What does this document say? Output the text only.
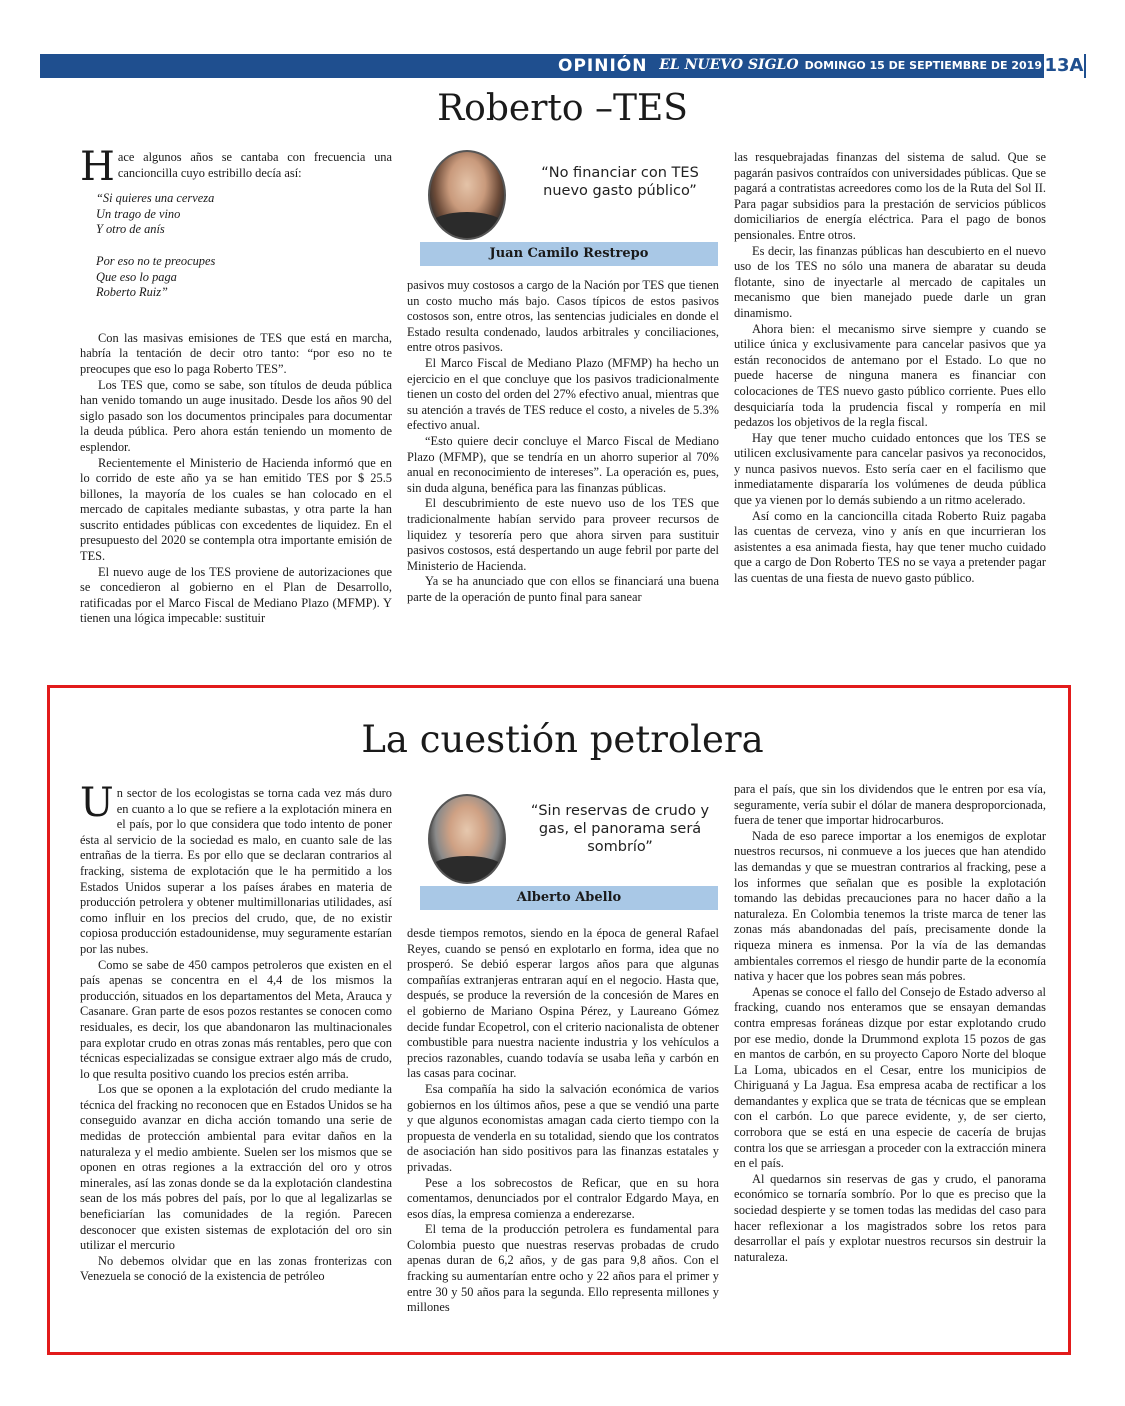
OPINIÓN EL NUEVO SIGLO DOMINGO 15 DE SEPTIEMBRE DE 2019 13A
Roberto –TES

Hace algunos años se cantaba con frecuencia una cancioncilla cuyo estribillo decía así:

“Si quieres una cerveza
Un trago de vino
Y otro de anís
Por eso no te preocupes
Que eso lo paga
Roberto Ruiz”

Con las masivas emisiones de TES que está en marcha, habría la tentación de decir otro tanto: “por eso no te preocupes que eso lo paga Roberto TES”.

Los TES que, como se sabe, son títulos de deuda pública han venido tomando un auge inusitado. Desde los años 90 del siglo pasado son los documentos principales para documentar la deuda pública. Pero ahora están teniendo un momento de esplendor.

Recientemente el Ministerio de Hacienda informó que en lo corrido de este año ya se han emitido TES por $ 25.5 billones, la mayoría de los cuales se han colocado en el mercado de capitales mediante subastas, y otra parte la han suscrito entidades públicas con excedentes de liquidez. En el presupuesto del 2020 se contempla otra importante emisión de TES.

El nuevo auge de los TES proviene de autorizaciones que se concedieron al gobierno en el Plan de Desarrollo, ratificadas por el Marco Fiscal de Mediano Plazo (MFMP). Y tienen una lógica impecable: sustituir

“No financiar con TES nuevo gasto público”
Juan Camilo Restrepo

pasivos muy costosos a cargo de la Nación por TES que tienen un costo mucho más bajo. Casos típicos de estos pasivos costosos son, entre otros, las sentencias judiciales en donde el Estado resulta condenado, laudos arbitrales y conciliaciones, entre otros pasivos.

El Marco Fiscal de Mediano Plazo (MFMP) ha hecho un ejercicio en el que concluye que los pasivos tradicionalmente tienen un costo del orden del 27% efectivo anual, mientras que su atención a través de TES reduce el costo, a niveles de 5.3% efectivo anual.

“Esto quiere decir concluye el Marco Fiscal de Mediano Plazo (MFMP), que se tendría en un ahorro superior al 70% anual en reconocimiento de intereses”. La operación es, pues, sin duda alguna, benéfica para las finanzas públicas.

El descubrimiento de este nuevo uso de los TES que tradicionalmente habían servido para proveer recursos de liquidez y tesorería pero que ahora sirven para sustituir pasivos costosos, está despertando un auge febril por parte del Ministerio de Hacienda.

Ya se ha anunciado que con ellos se financiará una buena parte de la operación de punto final para sanear

las resquebrajadas finanzas del sistema de salud. Que se pagarán pasivos contraídos con universidades públicas. Que se pagará a contratistas acreedores como los de la Ruta del Sol II. Para pagar subsidios para la prestación de servicios públicos domiciliarios de energía eléctrica. Para el pago de bonos pensionales. Entre otros.

Es decir, las finanzas públicas han descubierto en el nuevo uso de los TES no sólo una manera de abaratar su deuda flotante, sino de inyectarle al mercado de capitales un mecanismo que bien manejado puede darle un gran dinamismo.

Ahora bien: el mecanismo sirve siempre y cuando se utilice única y exclusivamente para cancelar pasivos que ya están reconocidos de antemano por el Estado. Lo que no puede hacerse de ninguna manera es financiar con colocaciones de TES nuevo gasto público corriente. Pues ello desquiciaría toda la prudencia fiscal y rompería en mil pedazos los objetivos de la regla fiscal.

Hay que tener mucho cuidado entonces que los TES se utilicen exclusivamente para cancelar pasivos ya reconocidos, y nunca pasivos nuevos. Esto sería caer en el facilismo que inmediatamente dispararía los volúmenes de deuda pública que ya vienen por lo demás subiendo a un ritmo acelerado.

Así como en la cancioncilla citada Roberto Ruiz pagaba las cuentas de cerveza, vino y anís en que incurrieran los asistentes a esa animada fiesta, hay que tener mucho cuidado que a cargo de Don Roberto TES no se vaya a pretender pagar las cuentas de una fiesta de nuevo gasto público.

La cuestión petrolera

Un sector de los ecologistas se torna cada vez más duro en cuanto a lo que se refiere a la explotación minera en el país, por lo que considera que todo intento de poner ésta al servicio de la sociedad es malo, en cuanto sale de las entrañas de la tierra. Es por ello que se declaran contrarios al fracking, sistema de explotación que le ha permitido a los Estados Unidos superar a los países árabes en materia de producción petrolera y obtener multimillonarias utilidades, así como influir en los precios del crudo, que, de no existir copiosa producción estadounidense, muy seguramente estarían por las nubes.

Como se sabe de 450 campos petroleros que existen en el país apenas se concentra en el 4,4 de los mismos la producción, situados en los departamentos del Meta, Arauca y Casanare. Gran parte de esos pozos restantes se conocen como residuales, es decir, los que abandonaron las multinacionales para explotar crudo en otras zonas más rentables, pero que con técnicas especializadas se consigue extraer algo más de crudo, lo que resulta positivo cuando los precios estén arriba.

Los que se oponen a la explotación del crudo mediante la técnica del fracking no reconocen que en Estados Unidos se ha conseguido avanzar en dicha acción tomando una serie de medidas de protección ambiental para evitar daños en la naturaleza y el medio ambiente. Suelen ser los mismos que se oponen en otras regiones a la extracción del oro y otros minerales, así las zonas donde se da la explotación clandestina sean de los más pobres del país, por lo que al legalizarlas se beneficiarían las comunidades de la región. Parecen desconocer que existen sistemas de explotación del oro sin utilizar el mercurio

No debemos olvidar que en las zonas fronterizas con Venezuela se conoció de la existencia de petróleo

“Sin reservas de crudo y gas, el panorama será sombrío”
Alberto Abello

desde tiempos remotos, siendo en la época de general Rafael Reyes, cuando se pensó en explotarlo en forma, idea que no prosperó. Se debió esperar largos años para que algunas compañías extranjeras entraran aquí en el negocio. Hasta que, después, se produce la reversión de la concesión de Mares en el gobierno de Mariano Ospina Pérez, y Laureano Gómez decide fundar Ecopetrol, con el criterio nacionalista de obtener combustible para nuestra naciente industria y los vehículos a precios razonables, cuando todavía se usaba leña y carbón en las casas para cocinar.

Esa compañía ha sido la salvación económica de varios gobiernos en los últimos años, pese a que se vendió una parte y que algunos economistas amagan cada cierto tiempo con la propuesta de venderla en su totalidad, siendo que los contratos de asociación han sido positivos para las finanzas estatales y privadas.

Pese a los sobrecostos de Reficar, que en su hora comentamos, denunciados por el contralor Edgardo Maya, en esos días, la empresa comienza a enderezarse.

El tema de la producción petrolera es fundamental para Colombia puesto que nuestras reservas probadas de crudo apenas duran de 6,2 años, y de gas para 9,8 años. Con el fracking su aumentarían entre ocho y 22 años para el primer y entre 30 y 50 años para la segunda. Ello representa millones y millones

para el país, que sin los dividendos que le entren por esa vía, seguramente, vería subir el dólar de manera desproporcionada, fuera de tener que importar hidrocarburos.

Nada de eso parece importar a los enemigos de explotar nuestros recursos, ni conmueve a los jueces que han atendido las demandas y que se muestran contrarios al fracking, pese a los informes que señalan que es posible la explotación tomando las debidas precauciones para no hacer daño a la naturaleza. En Colombia tenemos la triste marca de tener las zonas más abandonadas del país, precisamente donde la riqueza minera es inmensa. Por la vía de las demandas ambientales corremos el riesgo de hundir parte de la economía nativa y hacer que los pobres sean más pobres.

Apenas se conoce el fallo del Consejo de Estado adverso al fracking, cuando nos enteramos que se ensayan demandas contra empresas foráneas dizque por estar explotando crudo por ese medio, donde la Drummond explota 15 pozos de gas en mantos de carbón, en su proyecto Caporo Norte del bloque La Loma, ubicados en el Cesar, entre los municipios de Chiriguaná y La Jagua. Esa empresa acaba de rectificar a los demandantes y explica que se trata de técnicas que se emplean con el carbón. Lo que parece evidente, y, de ser cierto, corrobora que se está en una especie de cacería de brujas contra los que se arriesgan a proceder con la extracción minera en el país.

Al quedarnos sin reservas de gas y crudo, el panorama económico se tornaría sombrío. Por lo que es preciso que la sociedad despierte y se tomen todas las medidas del caso para hacer reflexionar a los magistrados sobre los retos para desarrollar el país y explotar nuestros recursos sin destruir la naturaleza.
